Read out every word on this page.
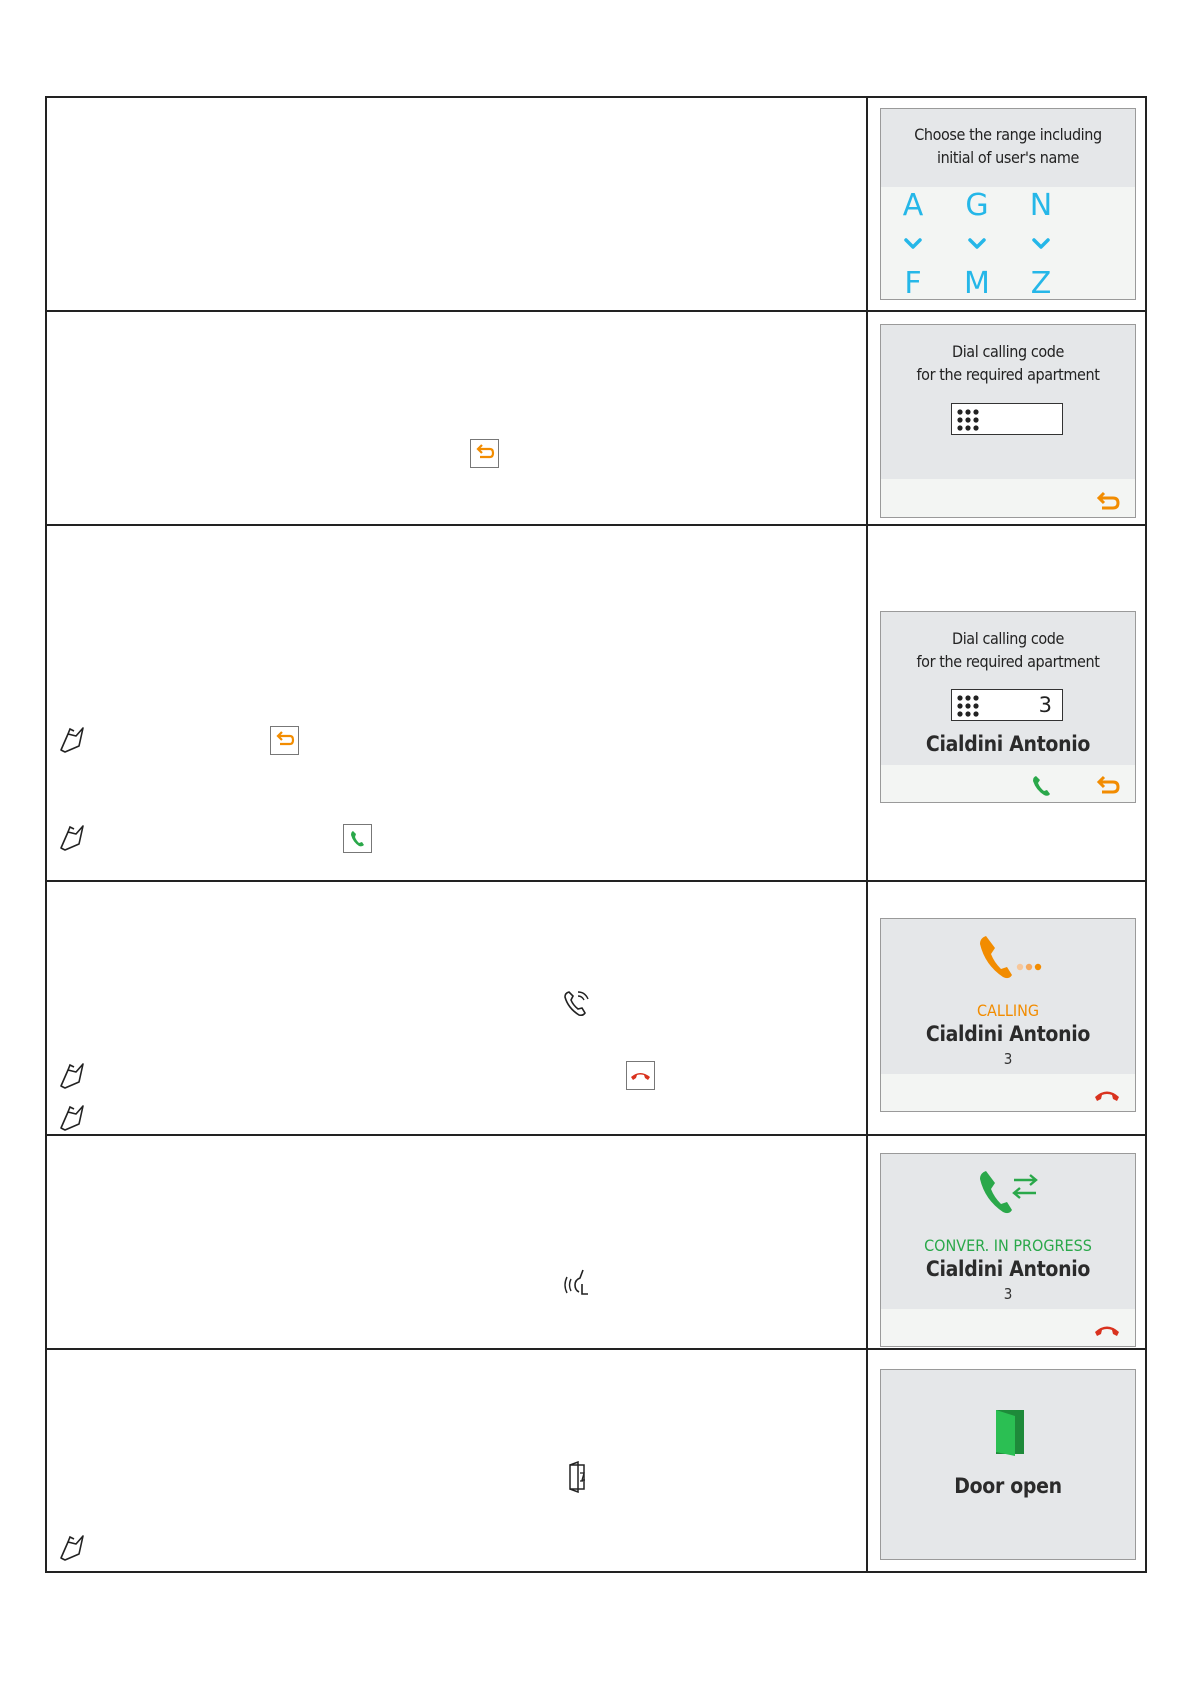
Choose the range including
initial of user's name
A
F
G
M
N
Z
Dial calling code
for the required apartment
Dial calling code
for the required apartment
3
Cialdini Antonio
CALLING
Cialdini Antonio
3
CONVER. IN PROGRESS
Cialdini Antonio
3
Door open
